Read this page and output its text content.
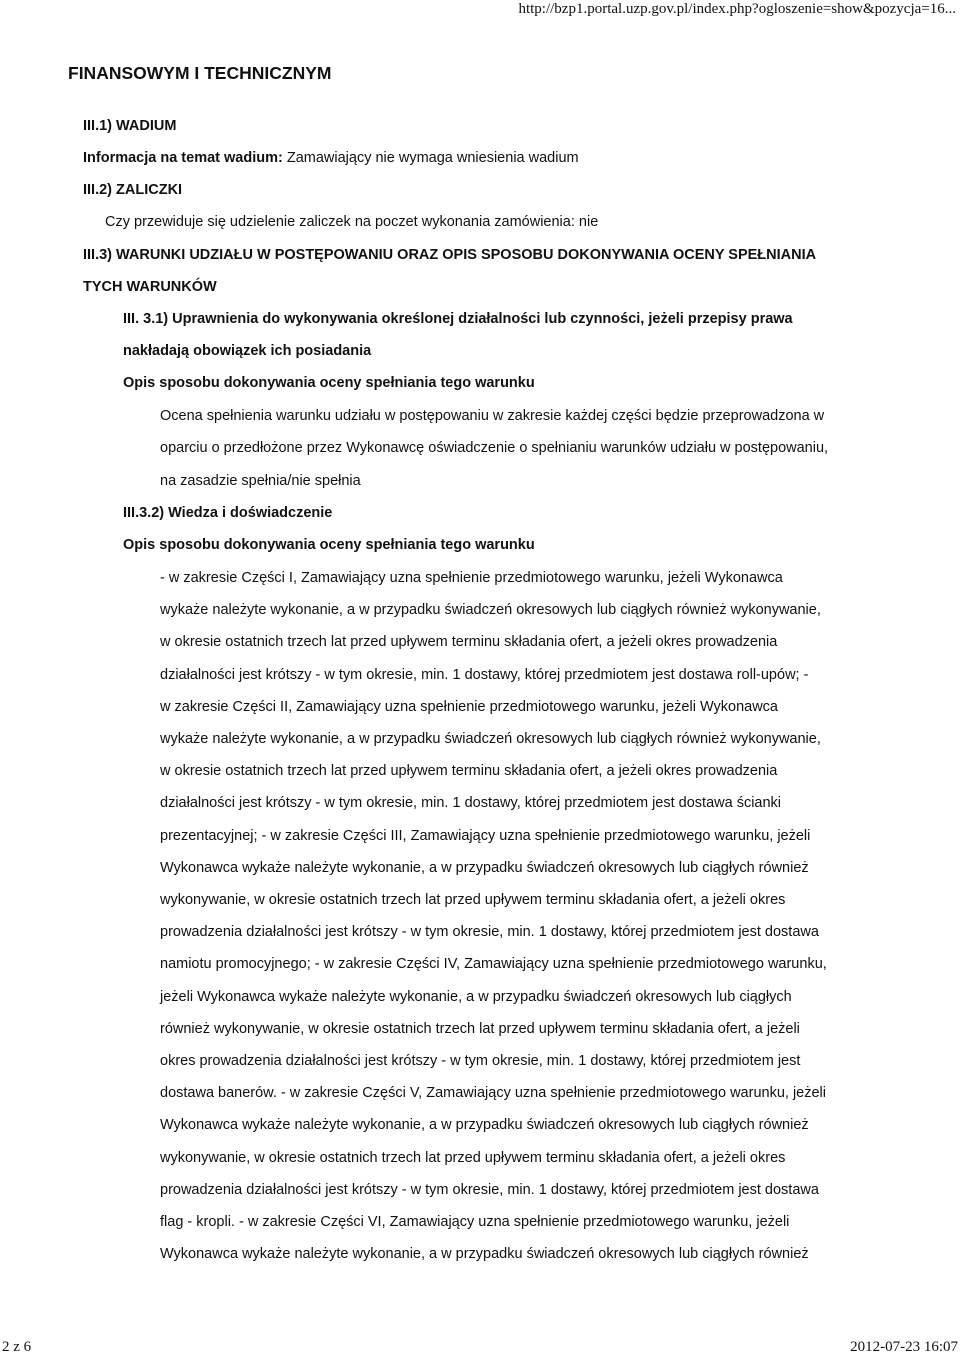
http://bzp1.portal.uzp.gov.pl/index.php?ogloszenie=show&pozycja=16...
FINANSOWYM I TECHNICZNYM
III.1) WADIUM
Informacja na temat wadium: Zamawiający nie wymaga wniesienia wadium
III.2) ZALICZKI
Czy przewiduje się udzielenie zaliczek na poczet wykonania zamówienia: nie
III.3) WARUNKI UDZIAŁU W POSTĘPOWANIU ORAZ OPIS SPOSOBU DOKONYWANIA OCENY SPEŁNIANIA
TYCH WARUNKÓW
III. 3.1) Uprawnienia do wykonywania określonej działalności lub czynności, jeżeli przepisy prawa
nakładają obowiązek ich posiadania
Opis sposobu dokonywania oceny spełniania tego warunku
Ocena spełnienia warunku udziału w postępowaniu w zakresie każdej części będzie przeprowadzona w
oparciu o przedłożone przez Wykonawcę oświadczenie o spełnianiu warunków udziału w postępowaniu,
na zasadzie spełnia/nie spełnia
III.3.2) Wiedza i doświadczenie
Opis sposobu dokonywania oceny spełniania tego warunku
- w zakresie Części I, Zamawiający uzna spełnienie przedmiotowego warunku, jeżeli Wykonawca
wykaże należyte wykonanie, a w przypadku świadczeń okresowych lub ciągłych również wykonywanie,
w okresie ostatnich trzech lat przed upływem terminu składania ofert, a jeżeli okres prowadzenia
działalności jest krótszy - w tym okresie, min. 1 dostawy, której przedmiotem jest dostawa roll-upów; -
w zakresie Części II, Zamawiający uzna spełnienie przedmiotowego warunku, jeżeli Wykonawca
wykaże należyte wykonanie, a w przypadku świadczeń okresowych lub ciągłych również wykonywanie,
w okresie ostatnich trzech lat przed upływem terminu składania ofert, a jeżeli okres prowadzenia
działalności jest krótszy - w tym okresie, min. 1 dostawy, której przedmiotem jest dostawa ścianki
prezentacyjnej; - w zakresie Części III, Zamawiający uzna spełnienie przedmiotowego warunku, jeżeli
Wykonawca wykaże należyte wykonanie, a w przypadku świadczeń okresowych lub ciągłych również
wykonywanie, w okresie ostatnich trzech lat przed upływem terminu składania ofert, a jeżeli okres
prowadzenia działalności jest krótszy - w tym okresie, min. 1 dostawy, której przedmiotem jest dostawa
namiotu promocyjnego; - w zakresie Części IV, Zamawiający uzna spełnienie przedmiotowego warunku,
jeżeli Wykonawca wykaże należyte wykonanie, a w przypadku świadczeń okresowych lub ciągłych
również wykonywanie, w okresie ostatnich trzech lat przed upływem terminu składania ofert, a jeżeli
okres prowadzenia działalności jest krótszy - w tym okresie, min. 1 dostawy, której przedmiotem jest
dostawa banerów. - w zakresie Części V, Zamawiający uzna spełnienie przedmiotowego warunku, jeżeli
Wykonawca wykaże należyte wykonanie, a w przypadku świadczeń okresowych lub ciągłych również
wykonywanie, w okresie ostatnich trzech lat przed upływem terminu składania ofert, a jeżeli okres
prowadzenia działalności jest krótszy - w tym okresie, min. 1 dostawy, której przedmiotem jest dostawa
flag - kropli. - w zakresie Części VI, Zamawiający uzna spełnienie przedmiotowego warunku, jeżeli
Wykonawca wykaże należyte wykonanie, a w przypadku świadczeń okresowych lub ciągłych również
2 z 6	2012-07-23 16:07
